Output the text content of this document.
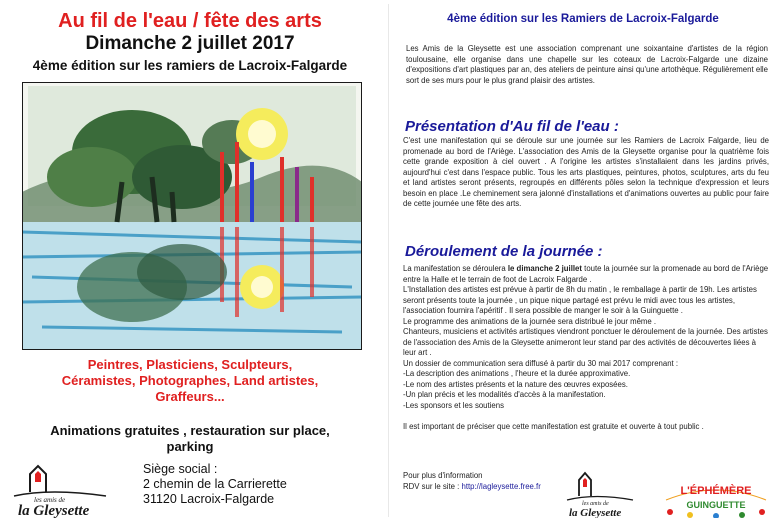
Au fil de l'eau / fête des arts
Dimanche 2 juillet 2017
4ème édition sur les ramiers de Lacroix-Falgarde
Peintres, Plasticiens, Sculpteurs,
Céramistes, Photographes, Land artistes,
Graffeurs...
Animations gratuites , restauration sur place,
parking
les amis de
la Gleysette
Siège social :
2 chemin de la Carrierette
31120 Lacroix-Falgarde
4ème édition sur les Ramiers de Lacroix-Falgarde

Les Amis de la Gleysette est une association comprenant une soixantaine d'artistes de la région toulousaine, elle organise dans une chapelle sur les coteaux de Lacroix-Falgarde une dizaine d'expositions d'art plastiques par an, des ateliers de peinture ainsi qu'une artothèque. Régulièrement elle sort de ses murs pour le plus grand plaisir des artistes.

Présentation d'Au fil de l'eau :

C'est une manifestation qui se déroule sur une journée sur les Ramiers de Lacroix Falgarde, lieu de promenade au bord de l'Ariège. L'association des Amis de la Gleysette organise pour la quatrième fois cette grande exposition à ciel ouvert . A l'origine les artistes s'installaient dans les jardins privés, aujourd'hui c'est dans l'espace public. Tous les arts plastiques, peintures, photos, sculptures, arts du feu et land artistes seront présents, regroupés en différents pôles selon la technique d'expression et leurs besoin en place .Le cheminement sera jalonné d'installations et d'animations ouvertes au public pour faire de cette journée une fête des arts.

Déroulement de la journée :

La manifestation se déroulera le dimanche 2 juillet toute la journée sur la promenade au bord de l'Ariège entre la Halle et le terrain de foot de Lacroix Falgarde .

L'Installation des artistes est prévue à partir de 8h du matin , le remballage à partir de 19h. Les artistes seront présents toute la journée , un pique nique partagé est prévu le midi avec tous les artistes, l'association fournira l'apéritif . Il sera possible de manger le soir à la Guinguette .

Le programme des animations de la journée sera distribué le jour même .

Chanteurs, musiciens et activités artistiques viendront ponctuer le déroulement de la journée. Des artistes de l'association des Amis de la Gleysette animeront leur stand par des activités de découvertes liées à leur art .

Un dossier de communication sera diffusé à partir du 30 mai 2017 comprenant :

-La description des animations , l'heure et la durée approximative.

-Le nom des artistes présents et la nature des œuvres exposées.

-Un plan précis et les modalités d'accès à la manifestation.

-Les sponsors et les soutiens

Il est important de préciser que cette manifestation est gratuite et ouverte à tout public .

Pour plus d'information
RDV sur le site : http://lagleysette.free.fr
les amis de
la Gleysette
L'ÉPHÉMÈRE
GUINGUETTE
